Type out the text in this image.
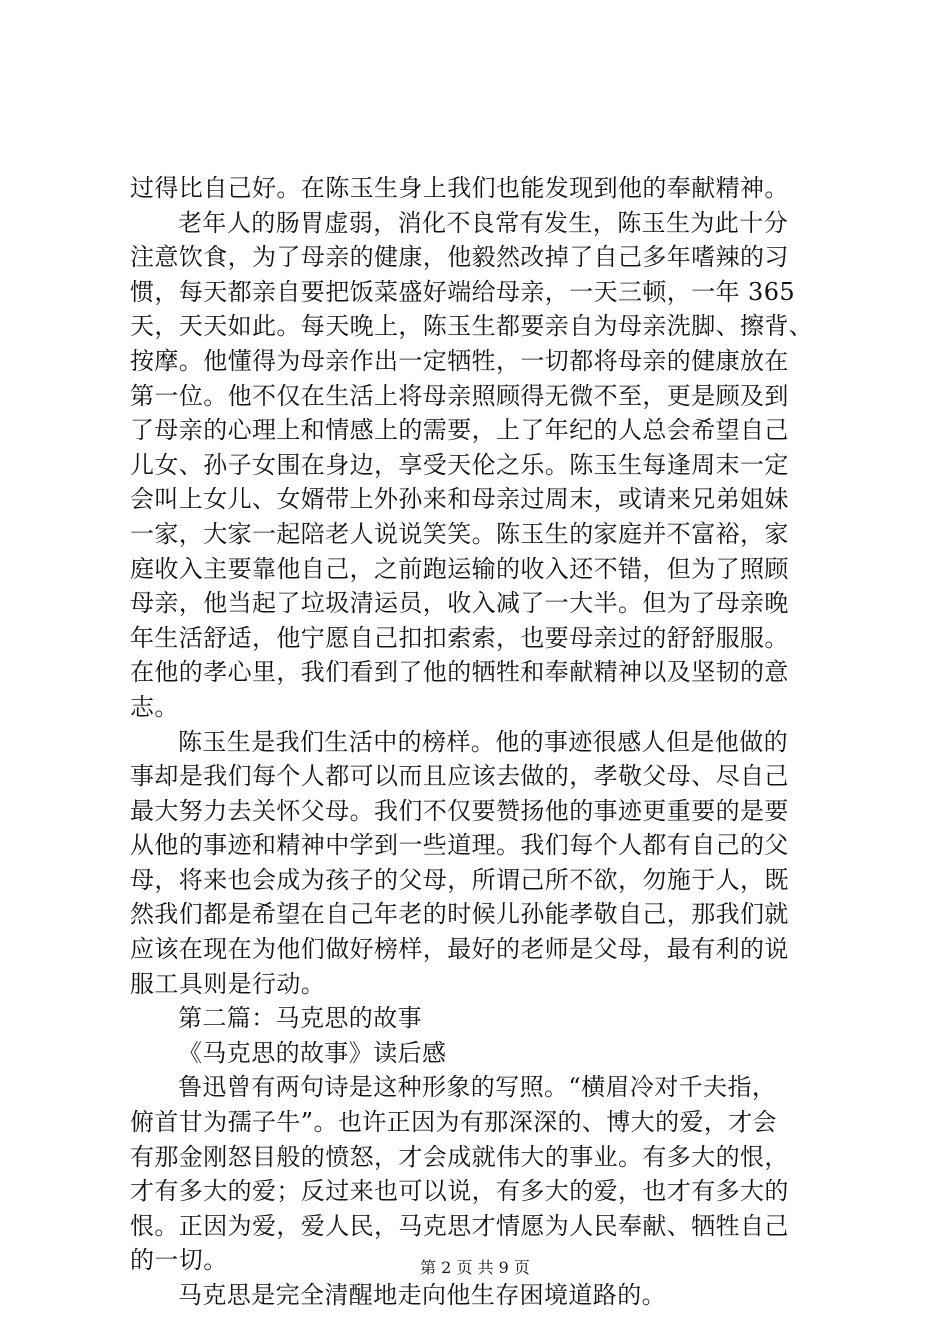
过得比自己好。在陈玉生身上我们也能发现到他的奉献精神。
老年人的肠胃虚弱，消化不良常有发生，陈玉生为此十分
注意饮食，为了母亲的健康，他毅然改掉了自己多年嗜辣的习
惯，每天都亲自要把饭菜盛好端给母亲，一天三顿，一年 365
天，天天如此。每天晚上，陈玉生都要亲自为母亲洗脚、擦背、
按摩。他懂得为母亲作出一定牺牲，一切都将母亲的健康放在
第一位。他不仅在生活上将母亲照顾得无微不至，更是顾及到
了母亲的心理上和情感上的需要，上了年纪的人总会希望自己
儿女、孙子女围在身边，享受天伦之乐。陈玉生每逢周末一定
会叫上女儿、女婿带上外孙来和母亲过周末，或请来兄弟姐妹
一家，大家一起陪老人说说笑笑。陈玉生的家庭并不富裕，家
庭收入主要靠他自己，之前跑运输的收入还不错，但为了照顾
母亲，他当起了垃圾清运员，收入减了一大半。但为了母亲晚
年生活舒适，他宁愿自己扣扣索索，也要母亲过的舒舒服服。
在他的孝心里，我们看到了他的牺牲和奉献精神以及坚韧的意
志。
陈玉生是我们生活中的榜样。他的事迹很感人但是他做的
事却是我们每个人都可以而且应该去做的，孝敬父母、尽自己
最大努力去关怀父母。我们不仅要赞扬他的事迹更重要的是要
从他的事迹和精神中学到一些道理。我们每个人都有自己的父
母，将来也会成为孩子的父母，所谓己所不欲，勿施于人，既
然我们都是希望在自己年老的时候儿孙能孝敬自己，那我们就
应该在现在为他们做好榜样，最好的老师是父母，最有利的说
服工具则是行动。
第二篇：马克思的故事
《马克思的故事》读后感
鲁迅曾有两句诗是这种形象的写照。“横眉冷对千夫指，
俯首甘为孺子牛”。也许正因为有那深深的、博大的爱，才会
有那金刚怒目般的愤怒，才会成就伟大的事业。有多大的恨，
才有多大的爱；反过来也可以说，有多大的爱，也才有多大的
恨。正因为爱，爱人民，马克思才情愿为人民奉献、牺牲自己
的一切。
马克思是完全清醒地走向他生存困境道路的。
第 2 页 共 9 页
